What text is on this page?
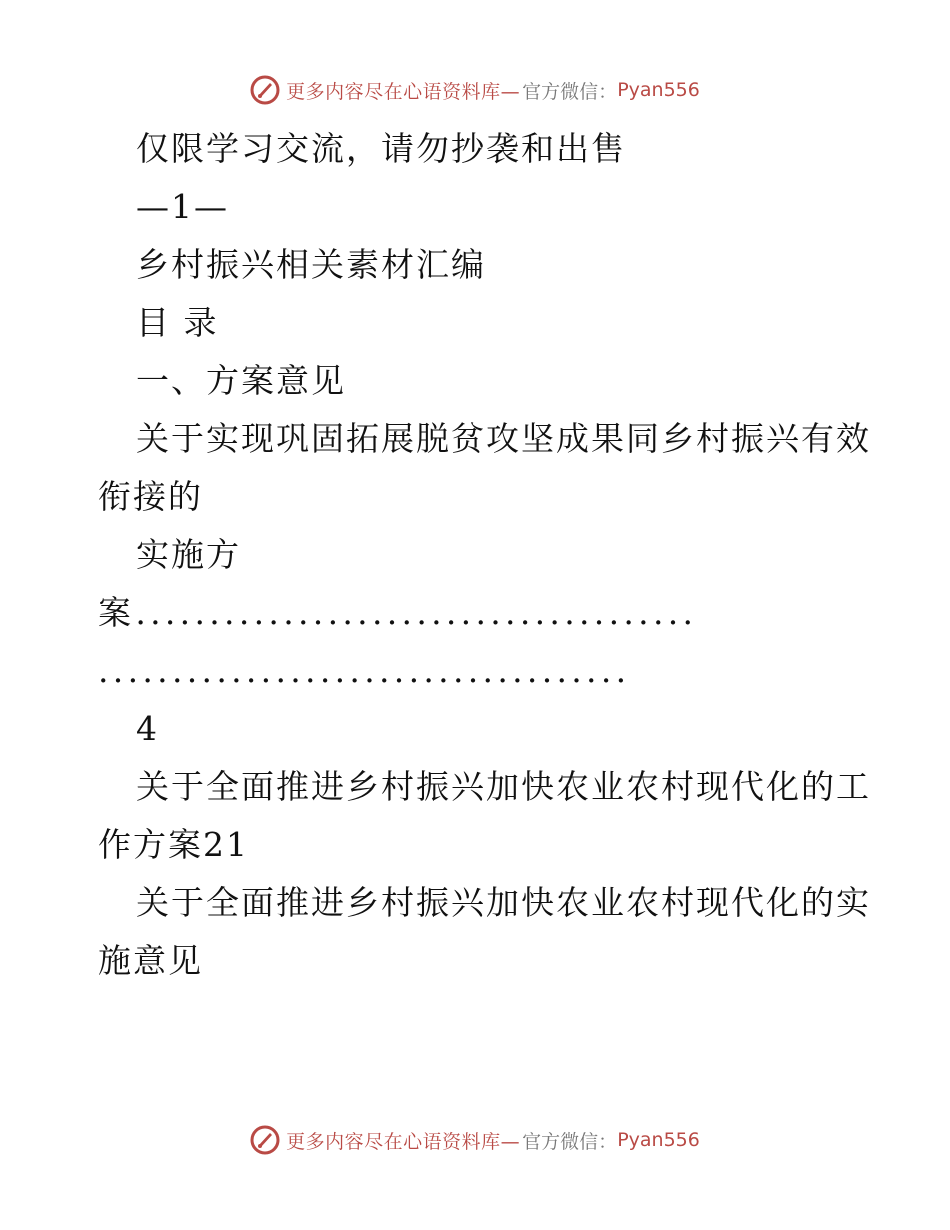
更多内容尽在心语资料库— 官方微信： Pyan556
仅限学习交流，请勿抄袭和出售
—1—
乡村振兴相关素材汇编
目 录
一、方案意见
关于实现巩固拓展脱贫攻坚成果同乡村振兴有效
衔接的
实施方
案......................................
....................................
4
关于全面推进乡村振兴加快农业农村现代化的工
作方案21
关于全面推进乡村振兴加快农业农村现代化的实
施意见
更多内容尽在心语资料库— 官方微信： Pyan556
